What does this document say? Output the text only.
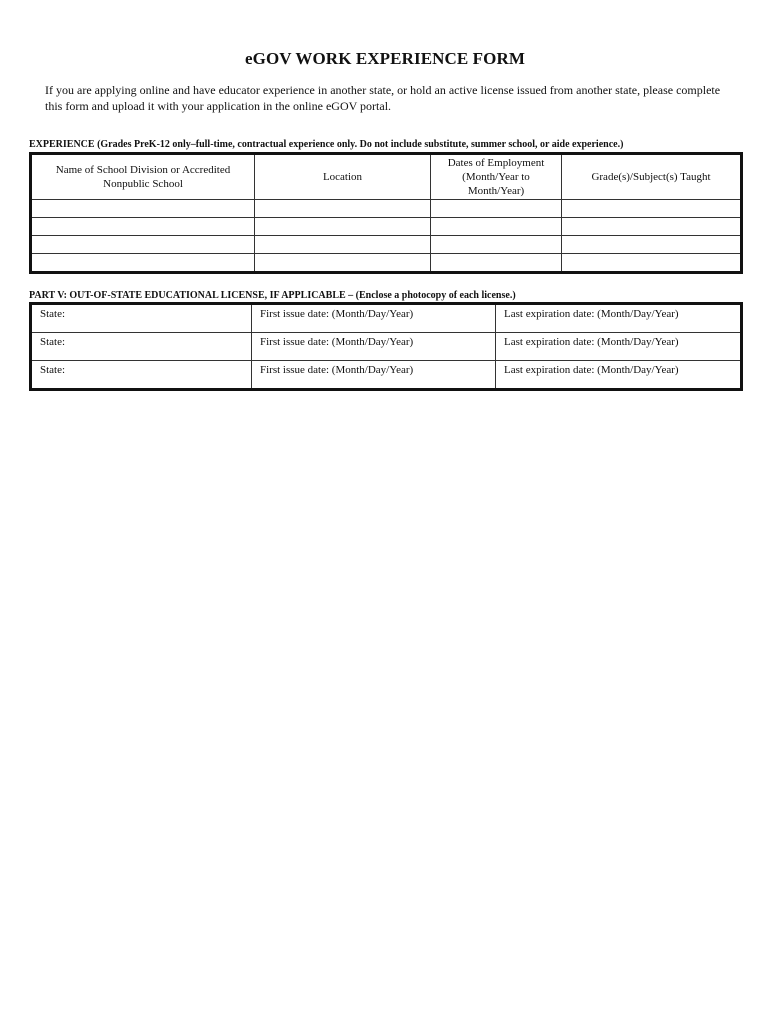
eGOV WORK EXPERIENCE FORM
If you are applying online and have educator experience in another state, or hold an active license issued from another state, please complete this form and upload it with your application in the online eGOV portal.
EXPERIENCE (Grades PreK-12 only–full-time, contractual experience only. Do not include substitute, summer school, or aide experience.)
Name of School Division or Accredited Nonpublic School	Location	Dates of Employment (Month/Year to Month/Year)	Grade(s)/Subject(s) Taught

PART V: OUT-OF-STATE EDUCATIONAL LICENSE, IF APPLICABLE – (Enclose a photocopy of each license.)
State:	First issue date: (Month/Day/Year)	Last expiration date: (Month/Day/Year)
State:	First issue date: (Month/Day/Year)	Last expiration date: (Month/Day/Year)
State:	First issue date: (Month/Day/Year)	Last expiration date: (Month/Day/Year)
